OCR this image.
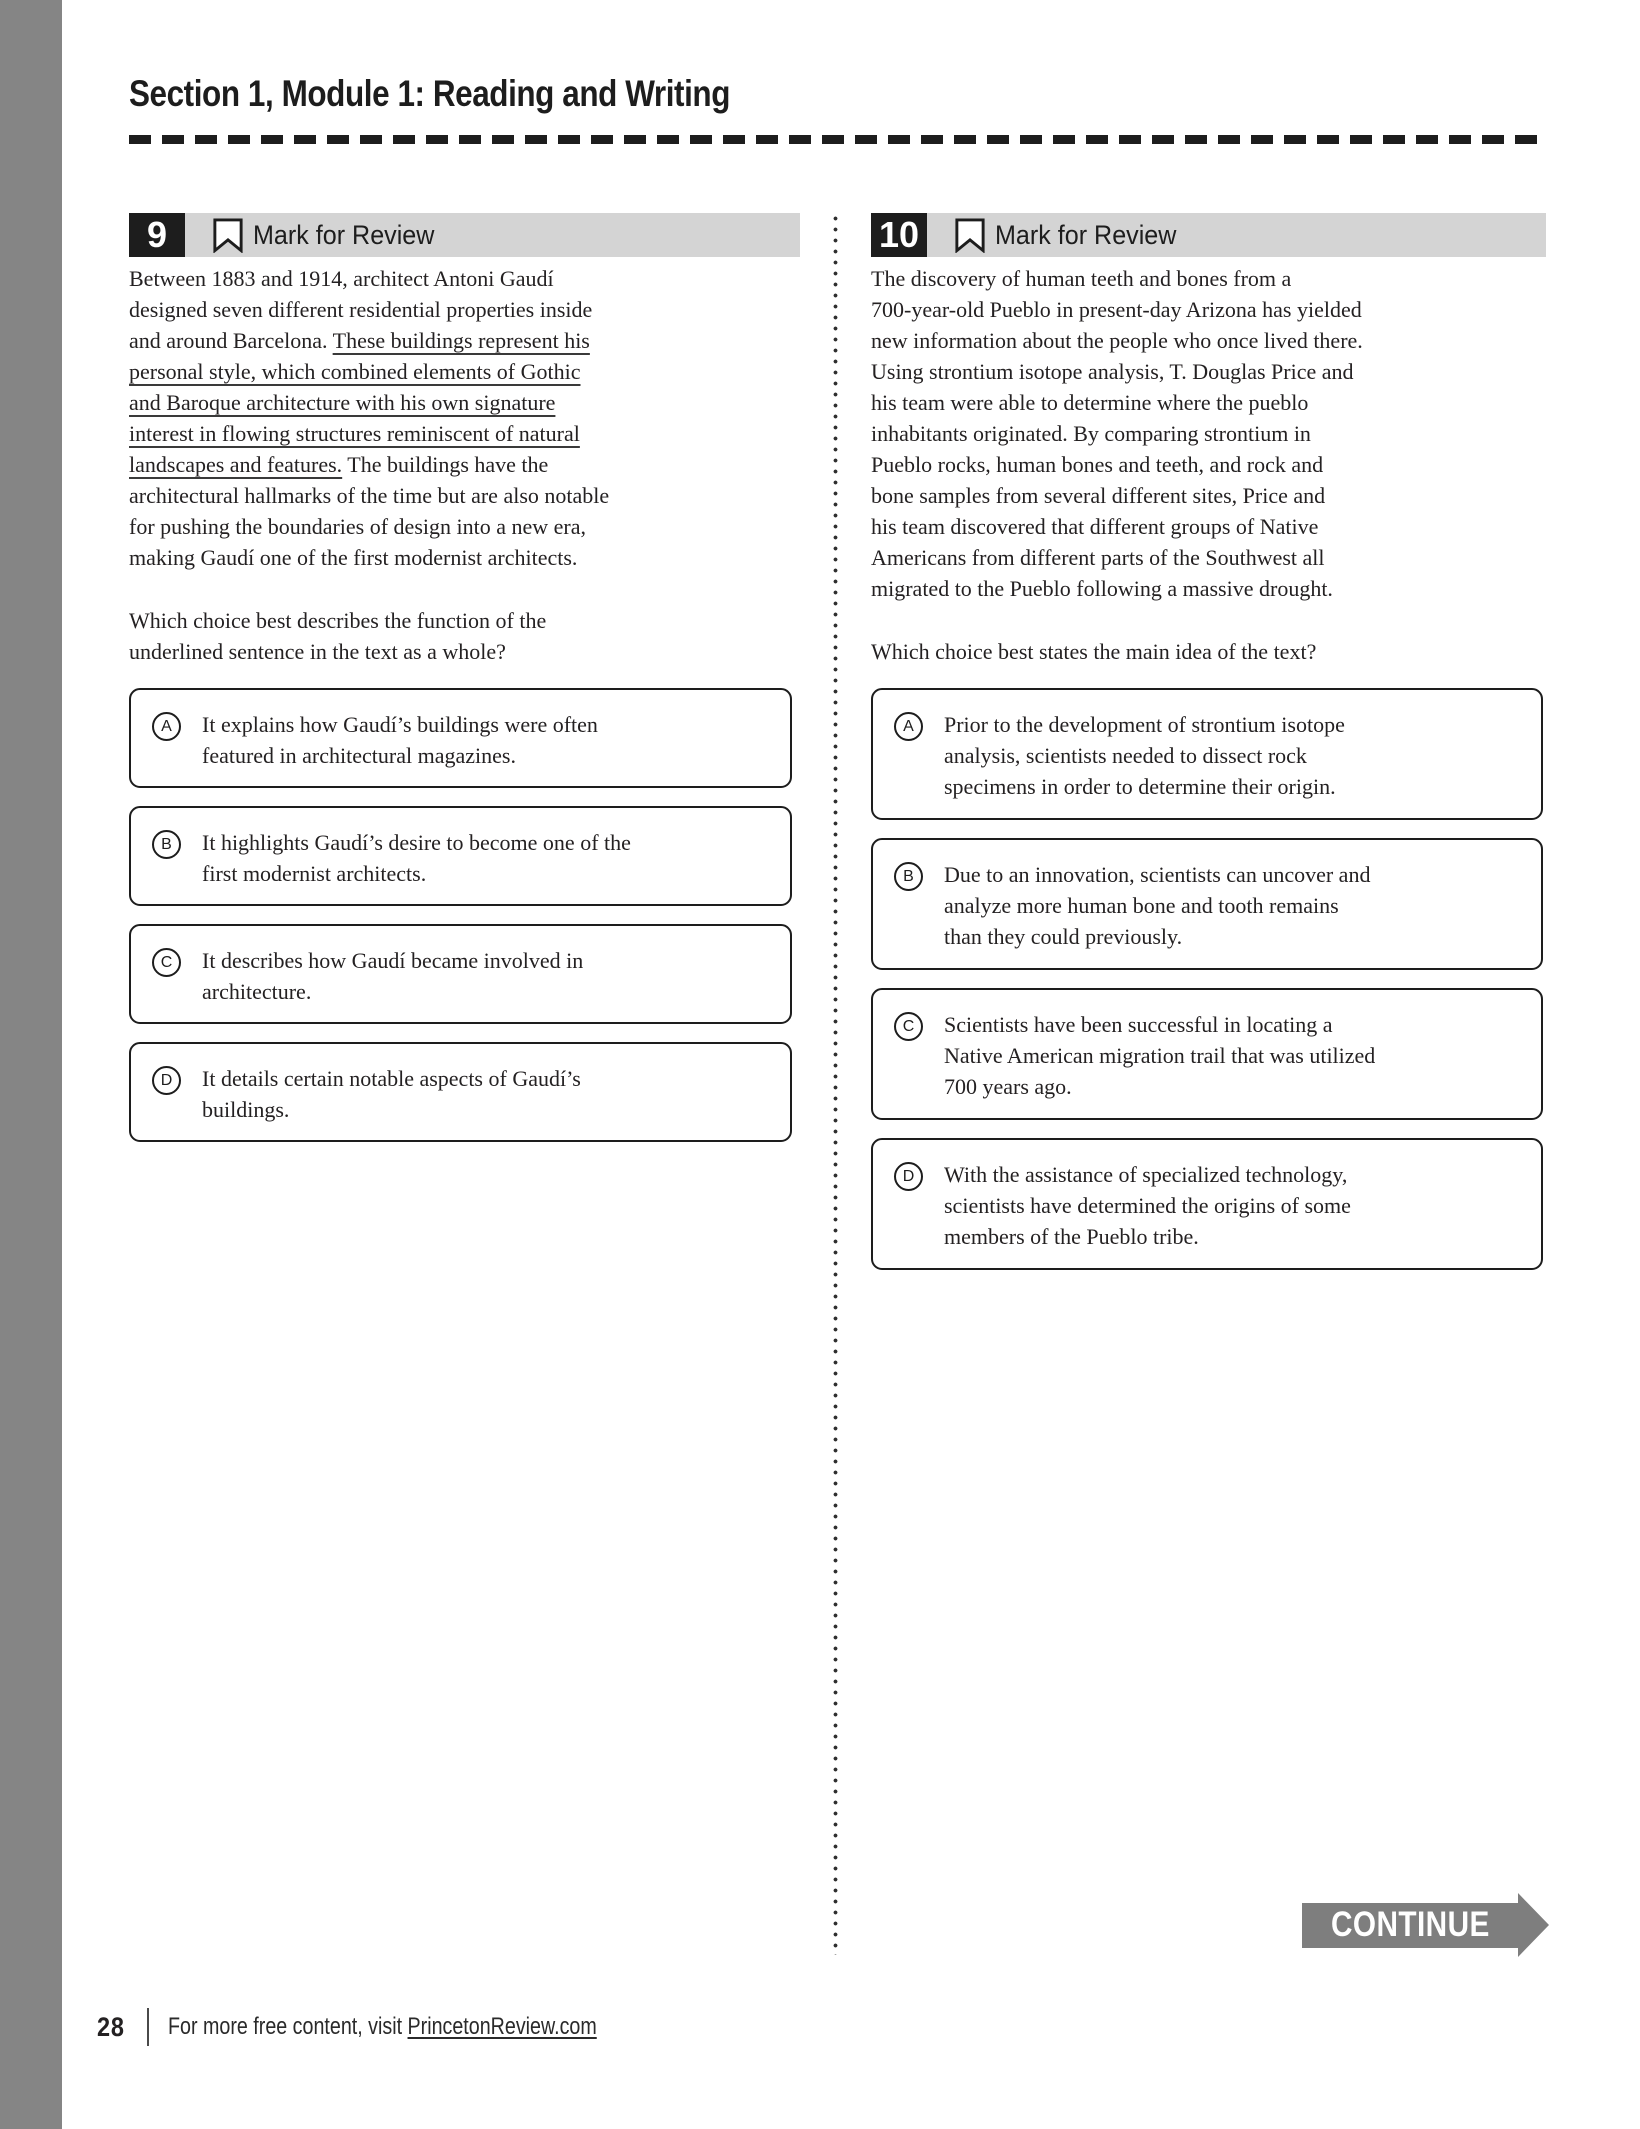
Section 1, Module 1: Reading and Writing
9	Mark for Review
Between 1883 and 1914, architect Antoni Gaudí
designed seven different residential properties inside
and around Barcelona. These buildings represent his
personal style, which combined elements of Gothic
and Baroque architecture with his own signature
interest in flowing structures reminiscent of natural
landscapes and features. The buildings have the
architectural hallmarks of the time but are also notable
for pushing the boundaries of design into a new era,
making Gaudí one of the first modernist architects.
Which choice best describes the function of the
underlined sentence in the text as a whole?
A	It explains how Gaudí’s buildings were often
featured in architectural magazines.
B	It highlights Gaudí’s desire to become one of the
first modernist architects.
C	It describes how Gaudí became involved in
architecture.
D	It details certain notable aspects of Gaudí’s
buildings.
10	Mark for Review
The discovery of human teeth and bones from a
700-year-old Pueblo in present-day Arizona has yielded
new information about the people who once lived there.
Using strontium isotope analysis, T. Douglas Price and
his team were able to determine where the pueblo
inhabitants originated. By comparing strontium in
Pueblo rocks, human bones and teeth, and rock and
bone samples from several different sites, Price and
his team discovered that different groups of Native
Americans from different parts of the Southwest all
migrated to the Pueblo following a massive drought.
Which choice best states the main idea of the text?
A	Prior to the development of strontium isotope
analysis, scientists needed to dissect rock
specimens in order to determine their origin.
B	Due to an innovation, scientists can uncover and
analyze more human bone and tooth remains
than they could previously.
C	Scientists have been successful in locating a
Native American migration trail that was utilized
700 years ago.
D	With the assistance of specialized technology,
scientists have determined the origins of some
members of the Pueblo tribe.
CONTINUE
28 For more free content, visit PrincetonReview.com
